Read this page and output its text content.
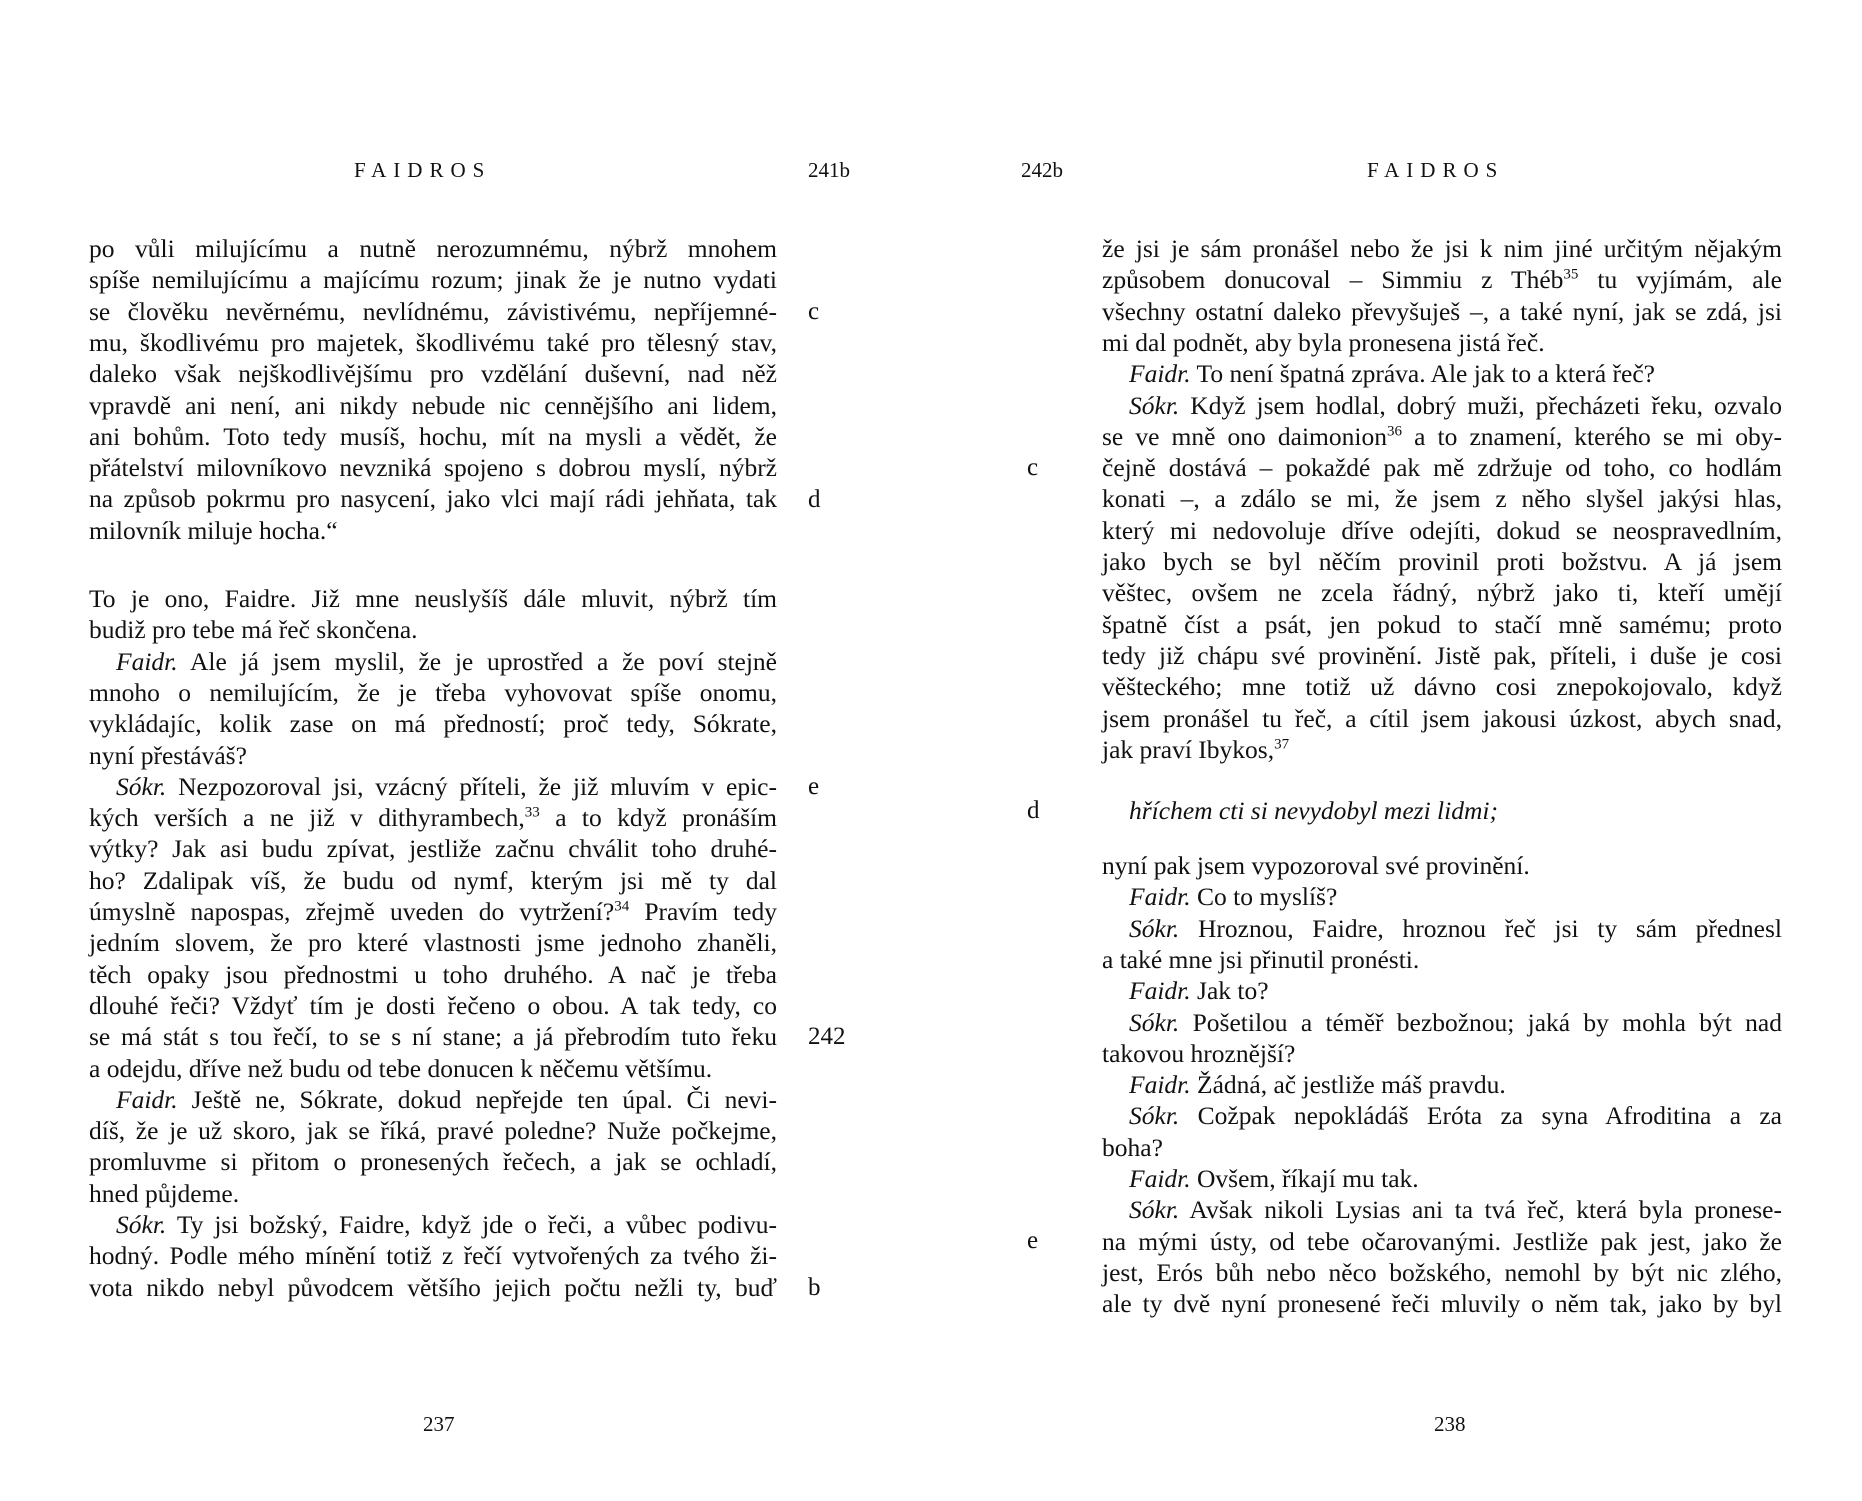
FAIDROS	241b
po vůli milujícímu a nutně nerozumnému, nýbrž mnohem
spíše nemilujícímu a majícímu rozum; jinak že je nutno vydati
se člověku nevěrnému, nevlídnému, závistivému, nepříjemné-
mu, škodlivému pro majetek, škodlivému také pro tělesný stav,
daleko však nejškodlivějšímu pro vzdělání duševní, nad něž
vpravdě ani není, ani nikdy nebude nic cennějšího ani lidem,
ani bohům. Toto tedy musíš, hochu, mít na mysli a vědět, že
přátelství milovníkovo nevzniká spojeno s dobrou myslí, nýbrž
na způsob pokrmu pro nasycení, jako vlci mají rádi jehňata, tak
milovník miluje hocha.“
To je ono, Faidre. Již mne neuslyšíš dále mluvit, nýbrž tím
budiž pro tebe má řeč skončena.
Faidr. Ale já jsem myslil, že je uprostřed a že poví stejně
mnoho o nemilujícím, že je třeba vyhovovat spíše onomu,
vykládajíc, kolik zase on má předností; proč tedy, Sókrate,
nyní přestáváš?
Sókr. Nezpozoroval jsi, vzácný příteli, že již mluvím v epic-
kých verších a ne již v dithyrambech,$^{33}$ a to když pronáším
výtky? Jak asi budu zpívat, jestliže začnu chválit toho druhé-
ho? Zdalipak víš, že budu od nymf, kterým jsi mě ty dal
úmyslně napospas, zřejmě uveden do vytržení?$^{34}$ Pravím tedy
jedním slovem, že pro které vlastnosti jsme jednoho zhaněli,
těch opaky jsou přednostmi u toho druhého. A nač je třeba
dlouhé řeči? Vždyť tím je dosti řečeno o obou. A tak tedy, co
se má stát s tou řečí, to se s ní stane; a já přebrodím tuto řeku
a odejdu, dříve než budu od tebe donucen k něčemu většímu.
Faidr. Ještě ne, Sókrate, dokud nepřejde ten úpal. Či nevi-
díš, že je už skoro, jak se říká, pravé poledne? Nuže počkejme,
promluvme si přitom o pronesených řečech, a jak se ochladí,
hned půjdeme.
Sókr. Ty jsi božský, Faidre, když jde o řeči, a vůbec podivu-
hodný. Podle mého mínění totiž z řečí vytvořených za tvého ži-
vota nikdo nebyl původcem většího jejich počtu nežli ty, buď
c
d
e
242
b
237
242b	FAIDROS
že jsi je sám pronášel nebo že jsi k nim jiné určitým nějakým
způsobem donucoval – Simmiu z Théb$^{35}$ tu vyjímám, ale
všechny ostatní daleko převyšuješ –, a také nyní, jak se zdá, jsi
mi dal podnět, aby byla pronesena jistá řeč.
Faidr. To není špatná zpráva. Ale jak to a která řeč?
Sókr. Když jsem hodlal, dobrý muži, přecházeti řeku, ozvalo
se ve mně ono daimonion$^{36}$ a to znamení, kterého se mi oby-
čejně dostává – pokaždé pak mě zdržuje od toho, co hodlám
konati –, a zdálo se mi, že jsem z něho slyšel jakýsi hlas,
který mi nedovoluje dříve odejíti, dokud se neospravedlním,
jako bych se byl něčím provinil proti božstvu. A já jsem
věštec, ovšem ne zcela řádný, nýbrž jako ti, kteří umějí
špatně číst a psát, jen pokud to stačí mně samému; proto
tedy již chápu své provinění. Jistě pak, příteli, i duše je cosi
věšteckého; mne totiž už dávno cosi znepokojovalo, když
jsem pronášel tu řeč, a cítil jsem jakousi úzkost, abych snad,
jak praví Ibykos,$^{37}$
hříchem cti si nevydobyl mezi lidmi;
nyní pak jsem vypozoroval své provinění.
Faidr. Co to myslíš?
Sókr. Hroznou, Faidre, hroznou řeč jsi ty sám přednesl
a také mne jsi přinutil pronésti.
Faidr. Jak to?
Sókr. Pošetilou a téměř bezbožnou; jaká by mohla být nad
takovou hroznější?
Faidr. Žádná, ač jestliže máš pravdu.
Sókr. Cožpak nepokládáš Eróta za syna Afroditina a za
boha?
Faidr. Ovšem, říkají mu tak.
Sókr. Avšak nikoli Lysias ani ta tvá řeč, která byla pronese-
na mými ústy, od tebe očarovanými. Jestliže pak jest, jako že
jest, Erós bůh nebo něco božského, nemohl by být nic zlého,
ale ty dvě nyní pronesené řeči mluvily o něm tak, jako by byl
c
d
e
238
